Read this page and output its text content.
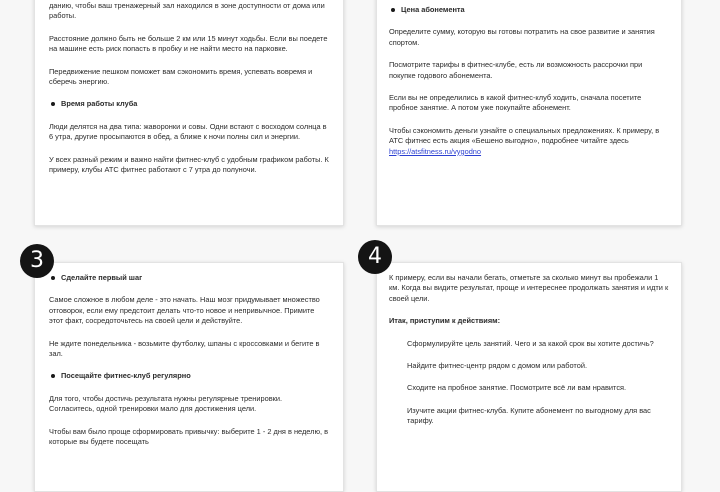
данию, чтобы ваш тренажерный зал находился в зоне доступности от дома или работы.

Расстояние должно быть не больше 2 км или 15 минут ходьбы. Если вы поедете на машине есть риск попасть в пробку и не найти место на парковке.

Передвижение пешком поможет вам сэкономить время, успевать вовремя и сберечь энергию.

Время работы клуба

Люди делятся на два типа: жаворонки и совы. Одни встают с восходом солнца в 6 утра, другие просыпаются в обед, а ближе к ночи полны сил и энергии.

У всех разный режим и важно найти фитнес-клуб с удобным графиком работы. К примеру, клубы АТС фитнес работают с 7 утра до полуночи.

Цена абонемента

Определите сумму, которую вы готовы потратить на свое развитие и занятия спортом.

Посмотрите тарифы в фитнес-клубе, есть ли возможность рассрочки при покупке годового абонемента.

Если вы не определились в какой фитнес-клуб ходить, сначала посетите пробное занятие. А потом уже покупайте абонемент.

Чтобы сэкономить деньги узнайте о специальных предложениях. К примеру, в АТС фитнес есть акция «Бешено выгодно», подробнее читайте здесь https://atsfitness.ru/vygodno

3	4
Сделайте первый шаг

Самое сложное в любом деле - это начать. Наш мозг придумывает множество отговорок, если ему предстоит делать что-то новое и непривычное. Примите этот факт, сосредоточьтесь на своей цели и действуйте.

Не ждите понедельника - возьмите футболку, шпаны с кроссовками и бегите в зал.

Посещайте фитнес-клуб регулярно

Для того, чтобы достичь результата нужны регулярные тренировки. Согласитесь, одной тренировки мало для достижения цели.

Чтобы вам было проще сформировать привычку: выберите 1 - 2 дня в неделю, в которые вы будете посещать

К примеру, если вы начали бегать, отметьте за сколько минут вы пробежали 1 км. Когда вы видите результат, проще и интереснее продолжать занятия и идти к своей цели.

Итак, приступим к действиям:

Сформулируйте цель занятий. Чего и за какой срок вы хотите достичь?

Найдите фитнес-центр рядом с домом или работой.

Сходите на пробное занятие. Посмотрите всё ли вам нравится.

Изучите акции фитнес-клуба. Купите абонемент по выгодному для вас тарифу.
